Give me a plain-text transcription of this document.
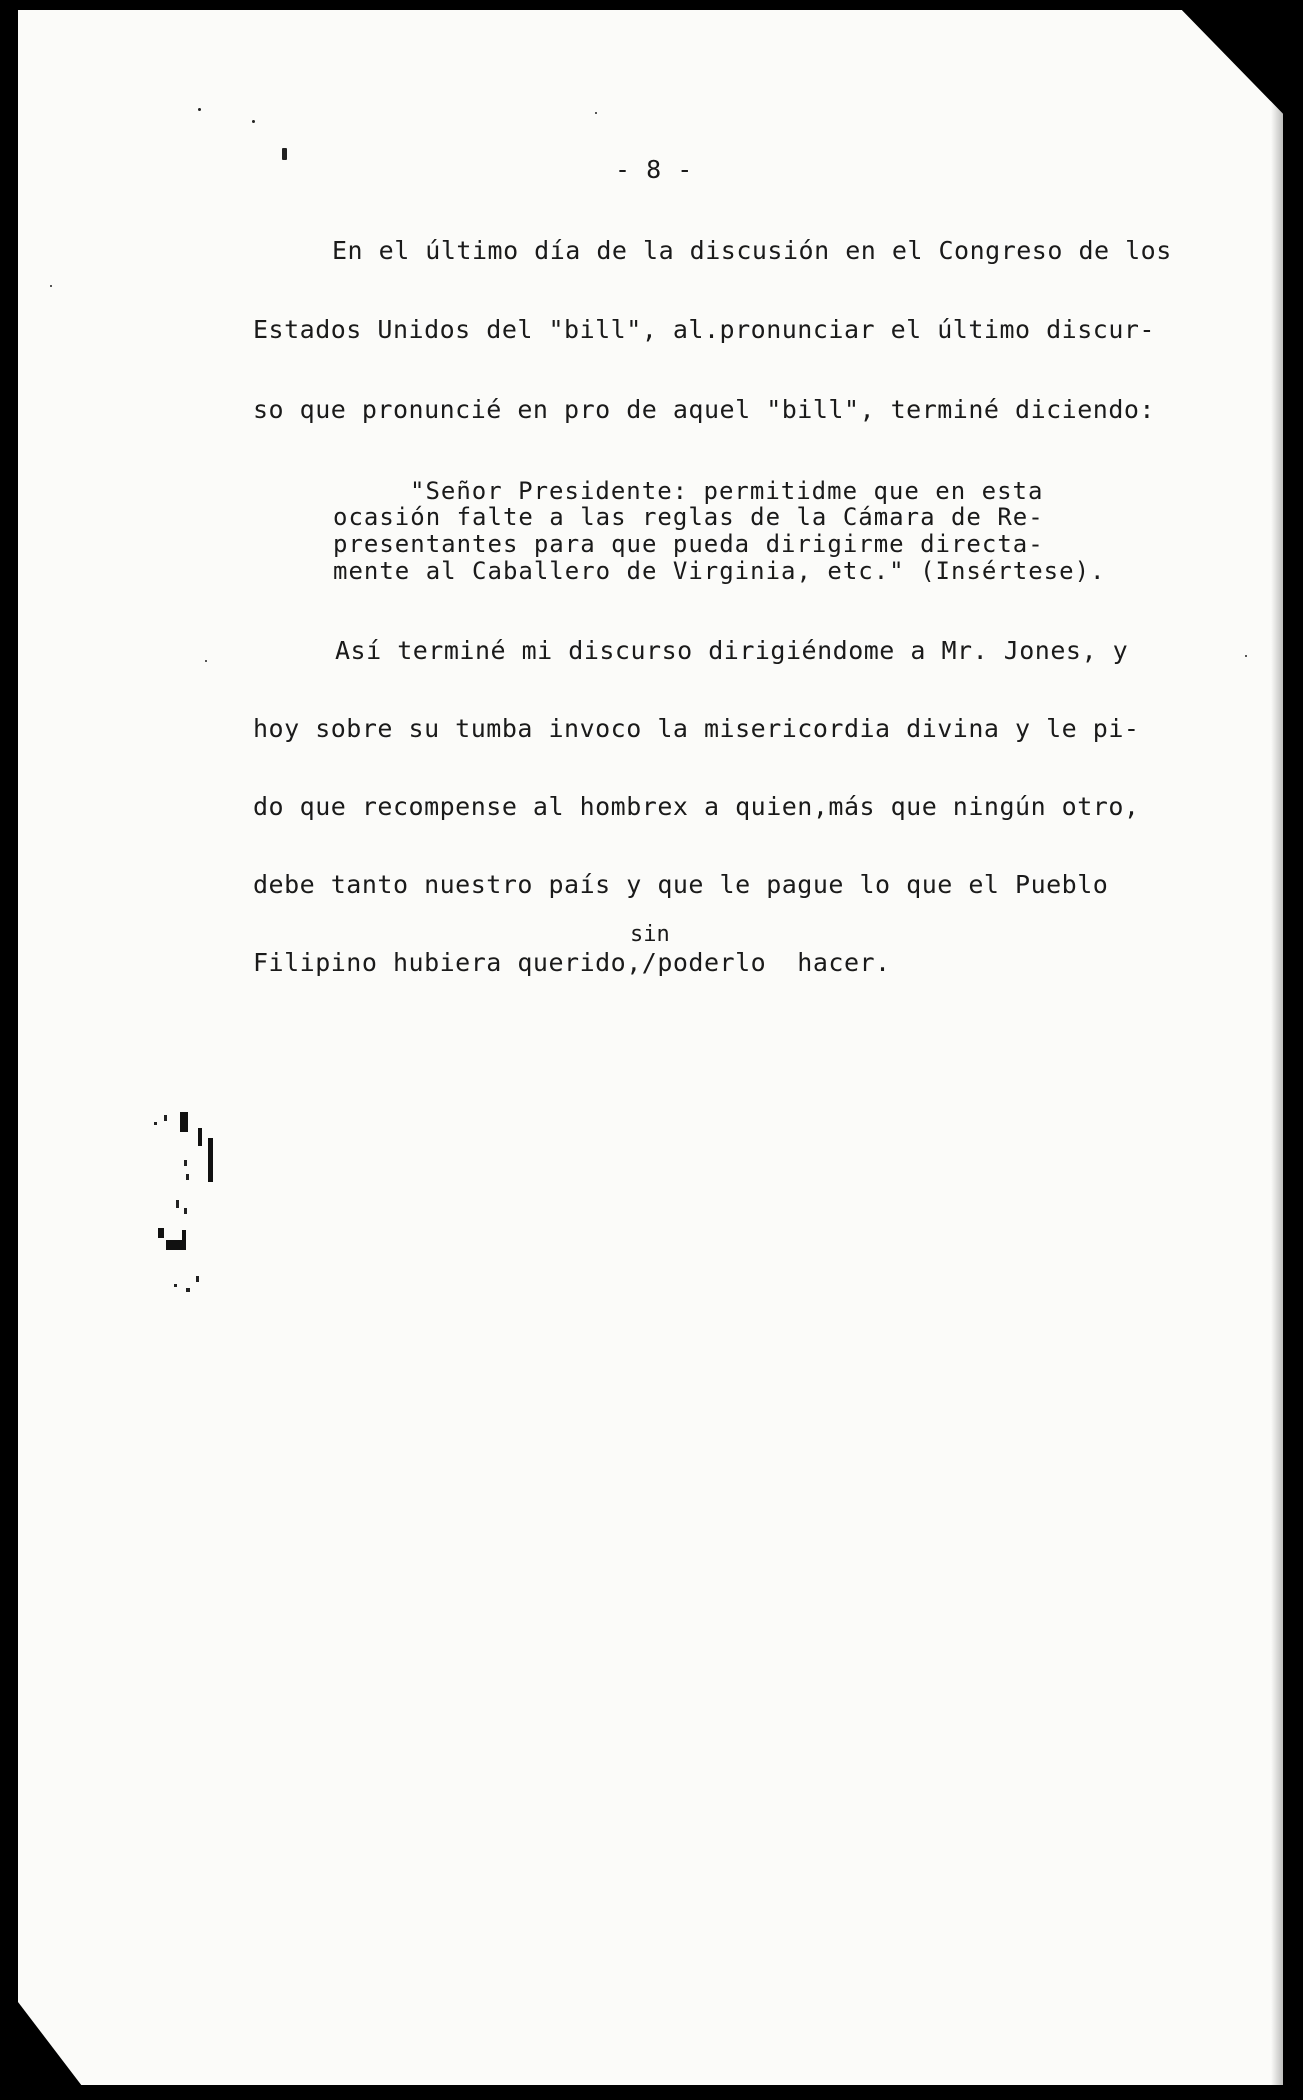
- 8 -
En el último día de la discusión en el Congreso de los
Estados Unidos del "bill", al.pronunciar el último discur-
so que pronuncié en pro de aquel "bill", terminé diciendo:
"Señor Presidente: permitidme que en esta
ocasión falte a las reglas de la Cámara de Re-
presentantes para que pueda dirigirme directa-
mente al Caballero de Virginia, etc." (Insértese).
Así terminé mi discurso dirigiéndome a Mr. Jones, y
hoy sobre su tumba invoco la misericordia divina y le pi-
do que recompense al hombrex a quien,más que ningún otro,
debe tanto nuestro país y que le pague lo que el Pueblo
sin
Filipino hubiera querido,/poderlo  hacer.
